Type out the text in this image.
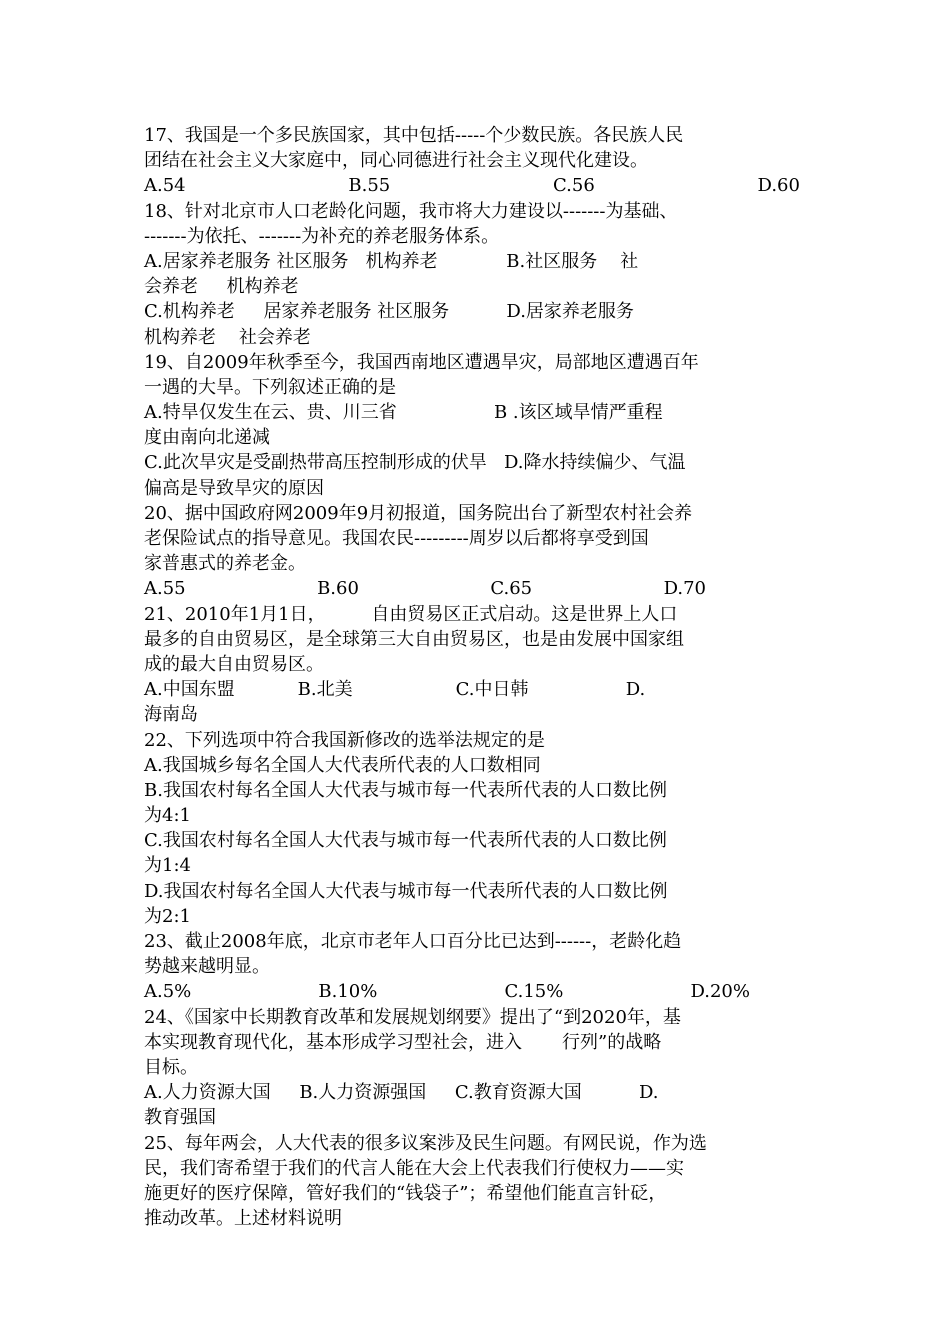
17、我国是一个多民族国家，其中包括-----个少数民族。各民族人民
团结在社会主义大家庭中，同心同德进行社会主义现代化建设。
A.54	B.55	C.56	D.60
18、针对北京市人口老龄化问题，我市将大力建设以-------为基础、
-------为依托、-------为补充的养老服务体系。
A.居家养老服务 社区服务   机构养老            B.社区服务    社
会养老     机构养老
C.机构养老     居家养老服务 社区服务          D.居家养老服务
机构养老    社会养老
19、自2009年秋季至今，我国西南地区遭遇旱灾，局部地区遭遇百年
一遇的大旱。下列叙述正确的是
A.特旱仅发生在云、贵、川三省                 B .该区域旱情严重程
度由南向北递减
C.此次旱灾是受副热带高压控制形成的伏旱   D.降水持续偏少、气温
偏高是导致旱灾的原因
20、据中国政府网2009年9月初报道，国务院出台了新型农村社会养
老保险试点的指导意见。我国农民---------周岁以后都将享受到国
家普惠式的养老金。
A.55	B.60	C.65	D.70
21、2010年1月1日，        自由贸易区正式启动。这是世界上人口
最多的自由贸易区，是全球第三大自由贸易区，也是由发展中国家组
成的最大自由贸易区。
A.中国东盟           B.北美                  C.中日韩                 D.
海南岛
22、下列选项中符合我国新修改的选举法规定的是
A.我国城乡每名全国人大代表所代表的人口数相同
B.我国农村每名全国人大代表与城市每一代表所代表的人口数比例
为4:1
C.我国农村每名全国人大代表与城市每一代表所代表的人口数比例
为1:4
D.我国农村每名全国人大代表与城市每一代表所代表的人口数比例
为2:1
23、截止2008年底，北京市老年人口百分比已达到------，老龄化趋
势越来越明显。
A.5%	B.10%	C.15%	D.20%
24、《国家中长期教育改革和发展规划纲要》提出了“到2020年，基
本实现教育现代化，基本形成学习型社会，进入       行列”的战略
目标。
A.人力资源大国     B.人力资源强国     C.教育资源大国          D.
教育强国
25、每年两会，人大代表的很多议案涉及民生问题。有网民说，作为选
民，我们寄希望于我们的代言人能在大会上代表我们行使权力——实
施更好的医疗保障，管好我们的“钱袋子”；希望他们能直言针砭，
推动改革。上述材料说明
